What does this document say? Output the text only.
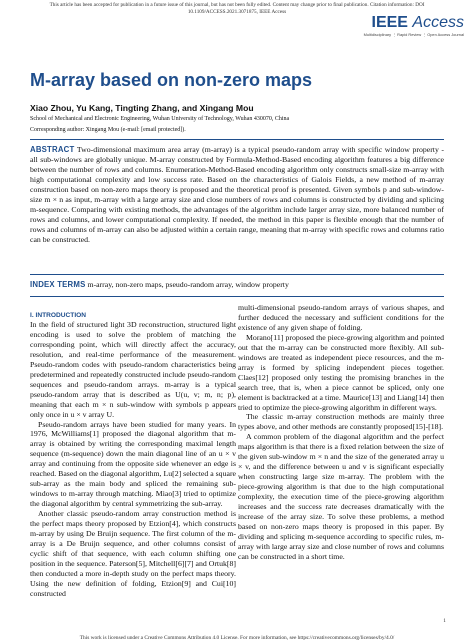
This article has been accepted for publication in a future issue of this journal, but has not been fully edited. Content may change prior to final publication. Citation information: DOI
10.1109/ACCESS.2021.3071875, IEEE Access
IEEE Access
Multidisciplinary ⋮ Rapid Review ⋮ Open Access Journal
M-array based on non-zero maps
Xiao Zhou, Yu Kang, Tingting Zhang, and Xingang Mou
School of Mechanical and Electronic Engineering, Wuhan University of Technology, Wuhan 430070, China
Corresponding author: Xingang Mou (e-mail: [email protected]).
ABSTRACT Two-dimensional maximum area array (m-array) is a typical pseudo-random array with specific window property - all sub-windows are globally unique. M-array constructed by Formula-Method-Based encoding algorithm features a big difference between the number of rows and columns. Enumeration-Method-Based encoding algorithm only constructs small-size m-array with high computational complexity and low success rate. Based on the characteristics of Galois Fields, a new method of m-array construction based on non-zero maps theory is proposed and the theoretical proof is presented. Given symbols p and sub-window-size m × n as input, m-array with a large array size and close numbers of rows and columns is constructed by dividing and splicing m-sequence. Comparing with existing methods, the advantages of the algorithm include larger array size, more balanced number of rows and columns, and lower computational complexity. If needed, the method in this paper is flexible enough that the number of rows and columns of m-array can also be adjusted within a certain range, meaning that m-array with specific rows and columns ratio can be constructed.
INDEX TERMS m-array, non-zero maps, pseudo-random array, window property
I. INTRODUCTION

In the field of structured light 3D reconstruction, structured light encoding is used to solve the problem of matching the corresponding point, which will directly affect the accuracy, resolution, and real-time performance of the measurement. Pseudo-random codes with pseudo-random characteristics being predetermined and repeatedly constructed include pseudo-random sequences and pseudo-random arrays. m-array is a typical pseudo-random array that is described as U(u, v; m, n; p), meaning that each m × n sub-window with symbols p appears only once in u × v array U.

Pseudo-random arrays have been studied for many years. In 1976, McWilliams[1] proposed the diagonal algorithm that m-array is obtained by writing the corresponding maximal length sequence (m-sequence) down the main diagonal line of an u × v array and continuing from the opposite side whenever an edge is reached. Based on the diagonal algorithm, Lu[2] selected a square sub-array as the main body and spliced the remaining sub-windows to m-array through matching. Miao[3] tried to optimize the diagonal algorithm by central symmetrizing the sub-array.

Another classic pseudo-random array construction method is the perfect maps theory proposed by Etzion[4], which constructs m-array by using De Bruijn sequence. The first column of the m-array is a De Bruijn sequence, and other columns consist of cyclic shift of that sequence, with each column shifting one position in the sequence. Paterson[5], Mitchell[6][7] and Ortuk[8] then conducted a more in-depth study on the perfect maps theory. Using the new definition of folding, Etzion[9] and Cui[10] constructed

multi-dimensional pseudo-random arrays of various shapes, and further deduced the necessary and sufficient conditions for the existence of any given shape of folding.

Morano[11] proposed the piece-growing algorithm and pointed out that the m-array can be constructed more flexibly. All sub-windows are treated as independent piece resources, and the m-array is formed by splicing independent pieces together. Claes[12] proposed only testing the promising branches in the search tree, that is, when a piece cannot be spliced, only one element is backtracked at a time. Maurice[13] and Liang[14] then tried to optimize the piece-growing algorithm in different ways.

The classic m-array construction methods are mainly three types above, and other methods are constantly proposed[15]-[18].

A common problem of the diagonal algorithm and the perfect maps algorithm is that there is a fixed relation between the size of the given sub-window m × n and the size of the generated array u × v, and the difference between u and v is significant especially when constructing large size m-array. The problem with the piece-growing algorithm is that due to the high computational complexity, the execution time of the piece-growing algorithm increases and the success rate decreases dramatically with the increase of the array size. To solve these problems, a method based on non-zero maps theory is proposed in this paper. By dividing and splicing m-sequence according to specific rules, m-array with large array size and close number of rows and columns can be constructed in a short time.

1
This work is licensed under a Creative Commons Attribution 4.0 License. For more information, see https://creativecommons.org/licenses/by/4.0/
